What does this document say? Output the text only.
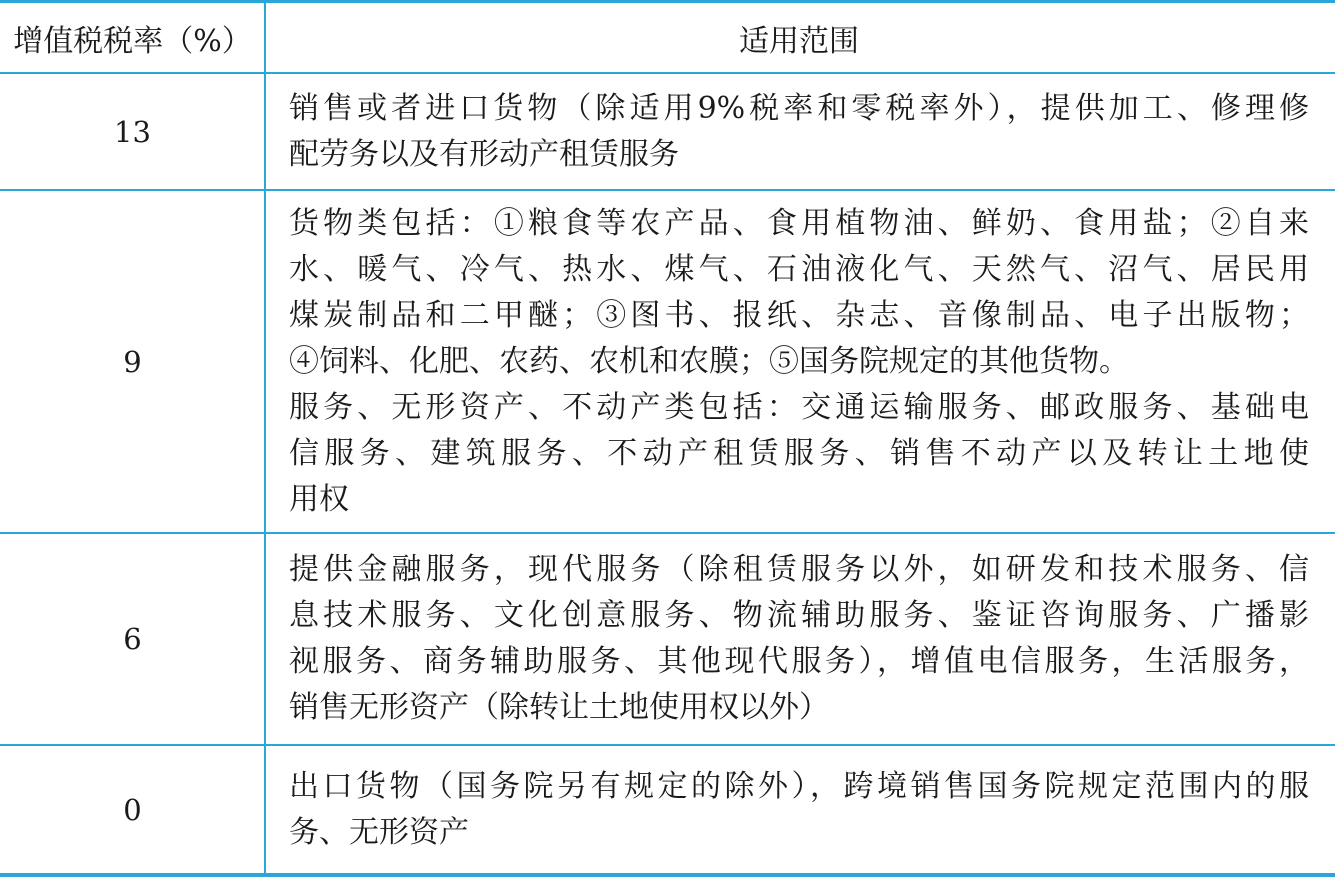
增值税税率（%）	适用范围
13
销售或者进口货物（除适用9%税率和零税率外），提供加工、修理修
配劳务以及有形动产租赁服务
9
货物类包括：①粮食等农产品、食用植物油、鲜奶、食用盐；②自来
水、暖气、冷气、热水、煤气、石油液化气、天然气、沼气、居民用
煤炭制品和二甲醚；③图书、报纸、杂志、音像制品、电子出版物；
④饲料、化肥、农药、农机和农膜；⑤国务院规定的其他货物。
服务、无形资产、不动产类包括：交通运输服务、邮政服务、基础电
信服务、建筑服务、不动产租赁服务、销售不动产以及转让土地使
用权
6
提供金融服务，现代服务（除租赁服务以外，如研发和技术服务、信
息技术服务、文化创意服务、物流辅助服务、鉴证咨询服务、广播影
视服务、商务辅助服务、其他现代服务），增值电信服务，生活服务，
销售无形资产（除转让土地使用权以外）
0
出口货物（国务院另有规定的除外），跨境销售国务院规定范围内的服
务、无形资产
